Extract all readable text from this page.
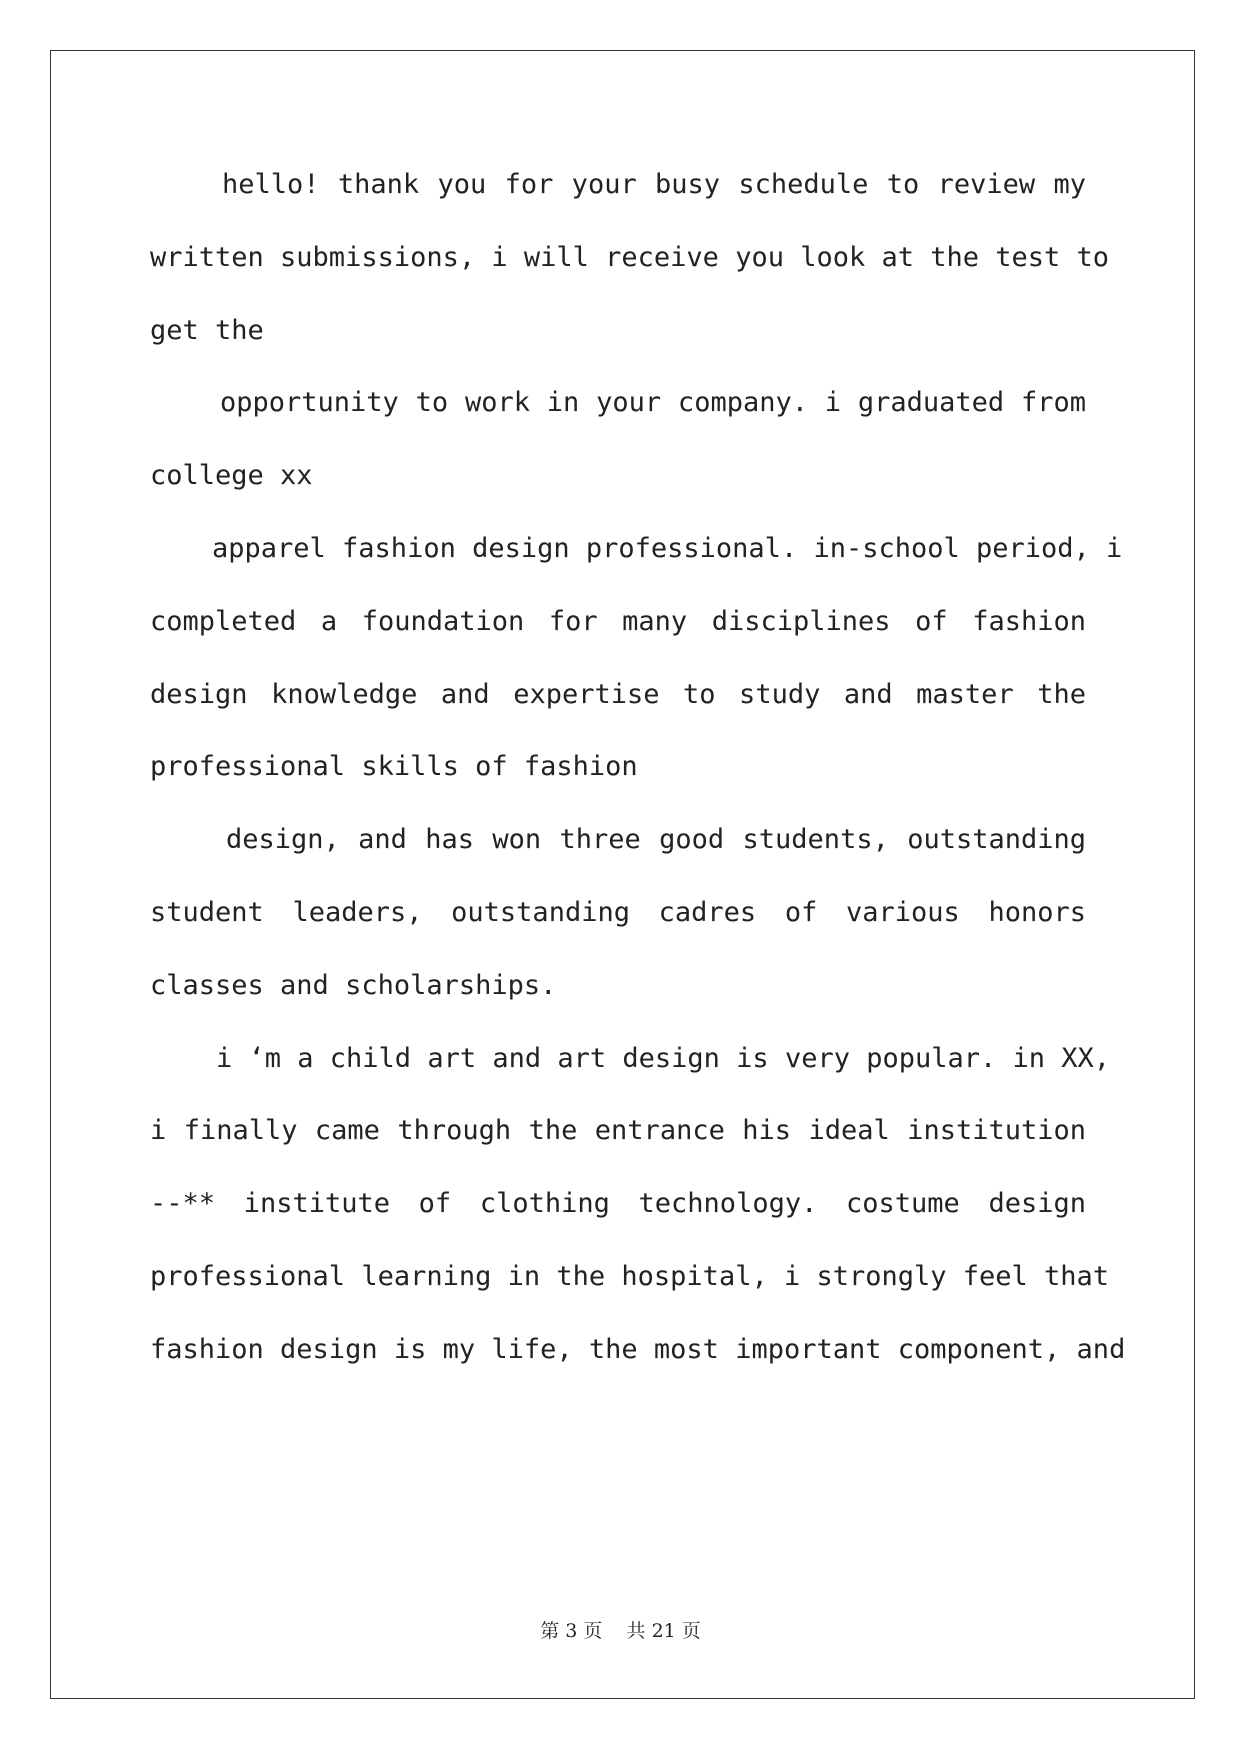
hello! thank you for your busy schedule to review my
written submissions, i will receive you look at the test to
get the
opportunity to work in your company. i graduated from
college xx
apparel fashion design professional. in-school period, i
completed a foundation for many disciplines of fashion
design knowledge and expertise to study and master the
professional skills of fashion
design, and has won three good students, outstanding
student leaders, outstanding cadres of various honors
classes and scholarships.
i ‘m a child art and art design is very popular. in XX,
i finally came through the entrance his ideal institution
--** institute of clothing technology. costume design
professional learning in the hospital, i strongly feel that
fashion design is my life, the most important component, and
第 3 页    共 21 页
